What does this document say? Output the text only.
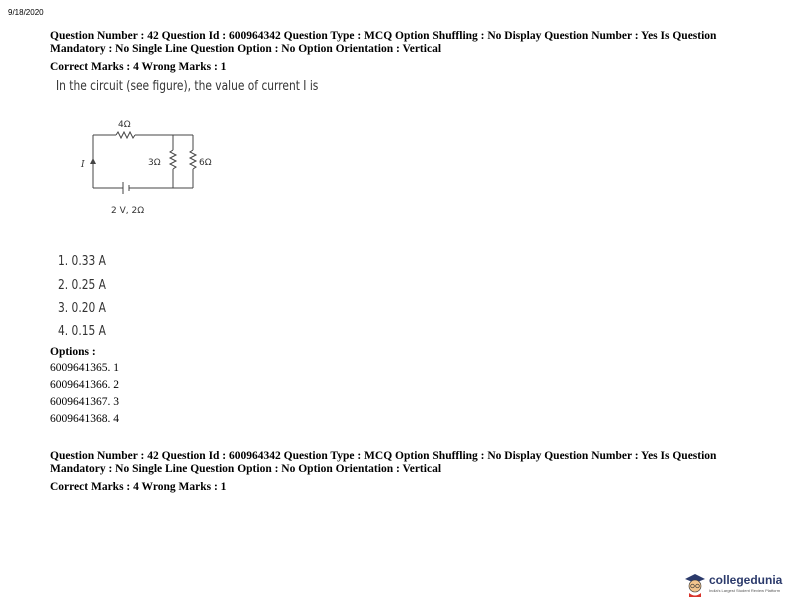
9/18/2020

Question Number : 42 Question Id : 600964342 Question Type : MCQ Option Shuffling : No Display Question Number : Yes Is Question

Mandatory : No Single Line Question Option : No Option Orientation : Vertical

Correct Marks : 4 Wrong Marks : 1
In the circuit (see figure), the value of current I is
4Ω
3Ω	6Ω
I
2 V, 2Ω
1. 0.33 A
2. 0.25 A
3. 0.20 A
4. 0.15 A
Options :
6009641365. 1
6009641366. 2
6009641367. 3
6009641368. 4

Question Number : 42 Question Id : 600964342 Question Type : MCQ Option Shuffling : No Display Question Number : Yes Is Question

Mandatory : No Single Line Question Option : No Option Orientation : Vertical

Correct Marks : 4 Wrong Marks : 1
collegedunia
India's Largest Student Review Platform
